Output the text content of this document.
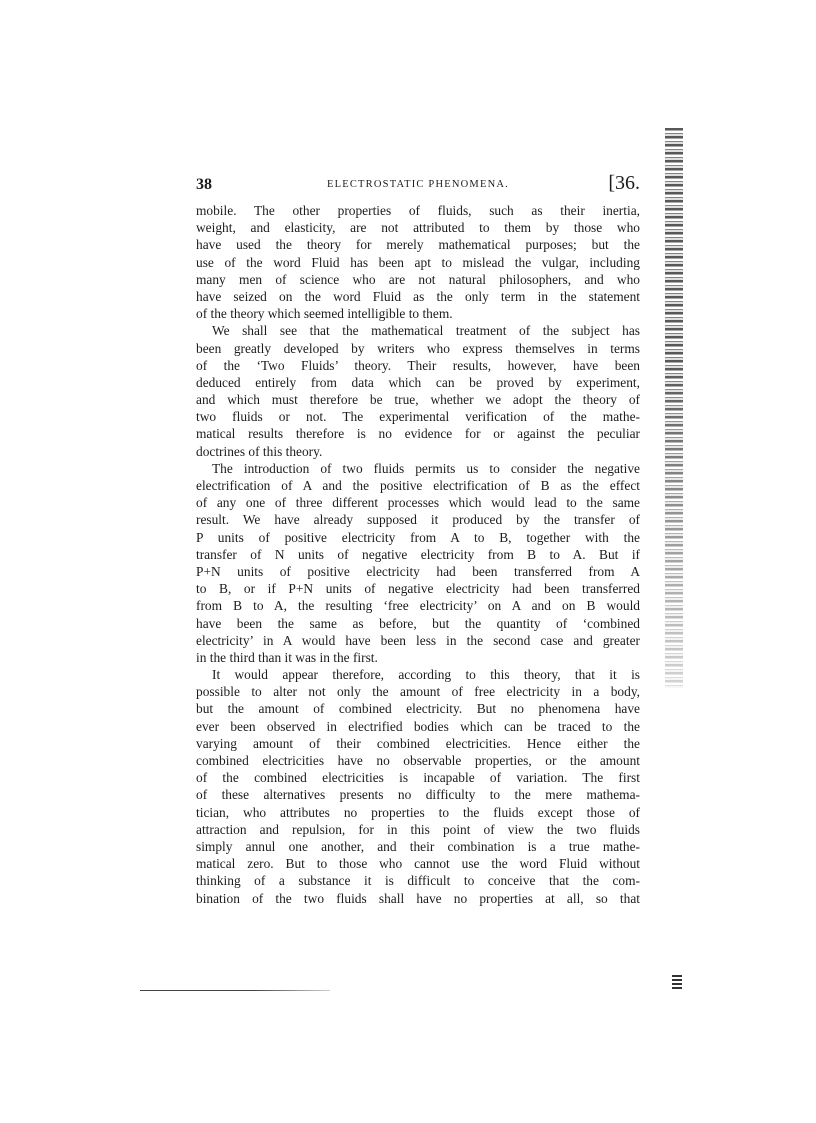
38	ELECTROSTATIC PHENOMENA.	[36.
mobile. The other properties of fluids, such as their inertia,
weight, and elasticity, are not attributed to them by those who
have used the theory for merely mathematical purposes; but the
use of the word Fluid has been apt to mislead the vulgar, including
many men of science who are not natural philosophers, and who
have seized on the word Fluid as the only term in the statement
of the theory which seemed intelligible to them.
We shall see that the mathematical treatment of the subject has
been greatly developed by writers who express themselves in terms
of the ‘Two Fluids’ theory. Their results, however, have been
deduced entirely from data which can be proved by experiment,
and which must therefore be true, whether we adopt the theory of
two fluids or not. The experimental verification of the mathe-
matical results therefore is no evidence for or against the peculiar
doctrines of this theory.
The introduction of two fluids permits us to consider the negative
electrification of A and the positive electrification of B as the effect
of any one of three different processes which would lead to the same
result. We have already supposed it produced by the transfer of
P units of positive electricity from A to B, together with the
transfer of N units of negative electricity from B to A. But if
P+N units of positive electricity had been transferred from A
to B, or if P+N units of negative electricity had been transferred
from B to A, the resulting ‘free electricity’ on A and on B would
have been the same as before, but the quantity of ‘combined
electricity’ in A would have been less in the second case and greater
in the third than it was in the first.
It would appear therefore, according to this theory, that it is
possible to alter not only the amount of free electricity in a body,
but the amount of combined electricity. But no phenomena have
ever been observed in electrified bodies which can be traced to the
varying amount of their combined electricities. Hence either the
combined electricities have no observable properties, or the amount
of the combined electricities is incapable of variation. The first
of these alternatives presents no difficulty to the mere mathema-
tician, who attributes no properties to the fluids except those of
attraction and repulsion, for in this point of view the two fluids
simply annul one another, and their combination is a true mathe-
matical zero. But to those who cannot use the word Fluid without
thinking of a substance it is difficult to conceive that the com-
bination of the two fluids shall have no properties at all, so that
